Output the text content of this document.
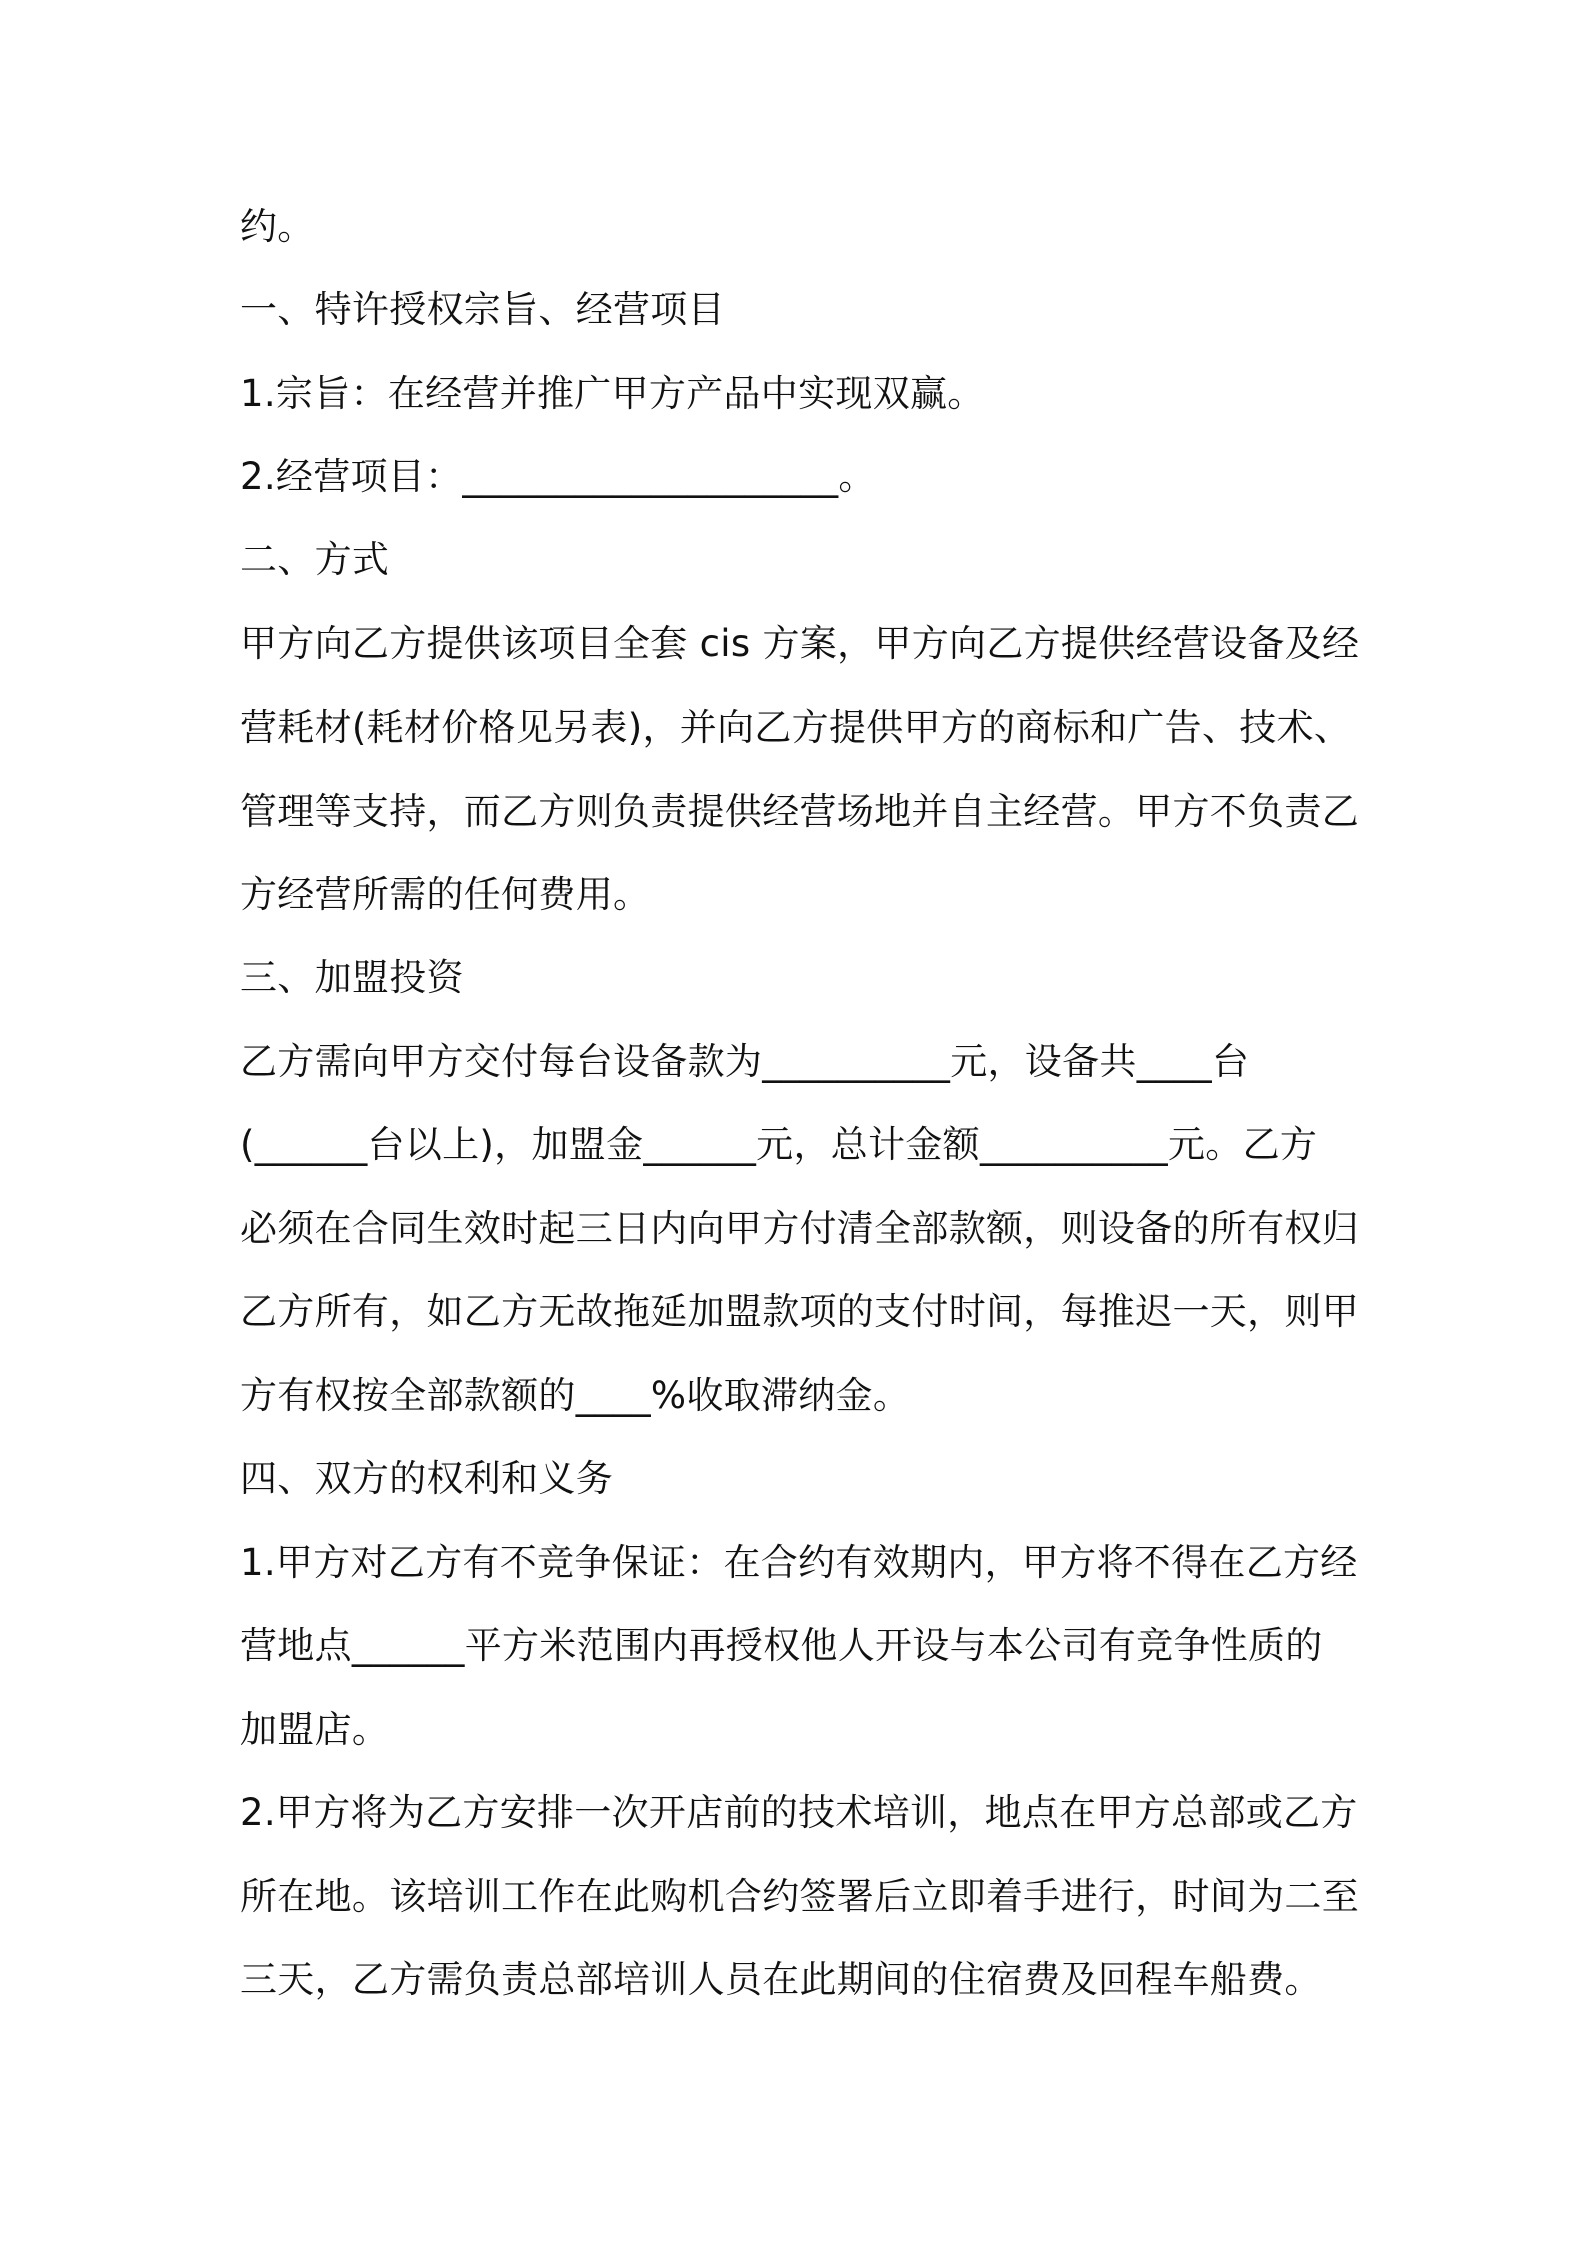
约。
一、特许授权宗旨、经营项目
1.宗旨：在经营并推广甲方产品中实现双赢。
2.经营项目：____________________。
二、方式
甲方向乙方提供该项目全套 cis 方案，甲方向乙方提供经营设备及经
营耗材(耗材价格见另表)，并向乙方提供甲方的商标和广告、技术、
管理等支持，而乙方则负责提供经营场地并自主经营。甲方不负责乙
方经营所需的任何费用。
三、加盟投资
乙方需向甲方交付每台设备款为__________元，设备共____台
(______台以上)，加盟金______元，总计金额__________元。乙方
必须在合同生效时起三日内向甲方付清全部款额，则设备的所有权归
乙方所有，如乙方无故拖延加盟款项的支付时间，每推迟一天，则甲
方有权按全部款额的____%收取滞纳金。
四、双方的权利和义务
1.甲方对乙方有不竞争保证：在合约有效期内，甲方将不得在乙方经
营地点______平方米范围内再授权他人开设与本公司有竞争性质的
加盟店。
2.甲方将为乙方安排一次开店前的技术培训，地点在甲方总部或乙方
所在地。该培训工作在此购机合约签署后立即着手进行，时间为二至
三天，乙方需负责总部培训人员在此期间的住宿费及回程车船费。
